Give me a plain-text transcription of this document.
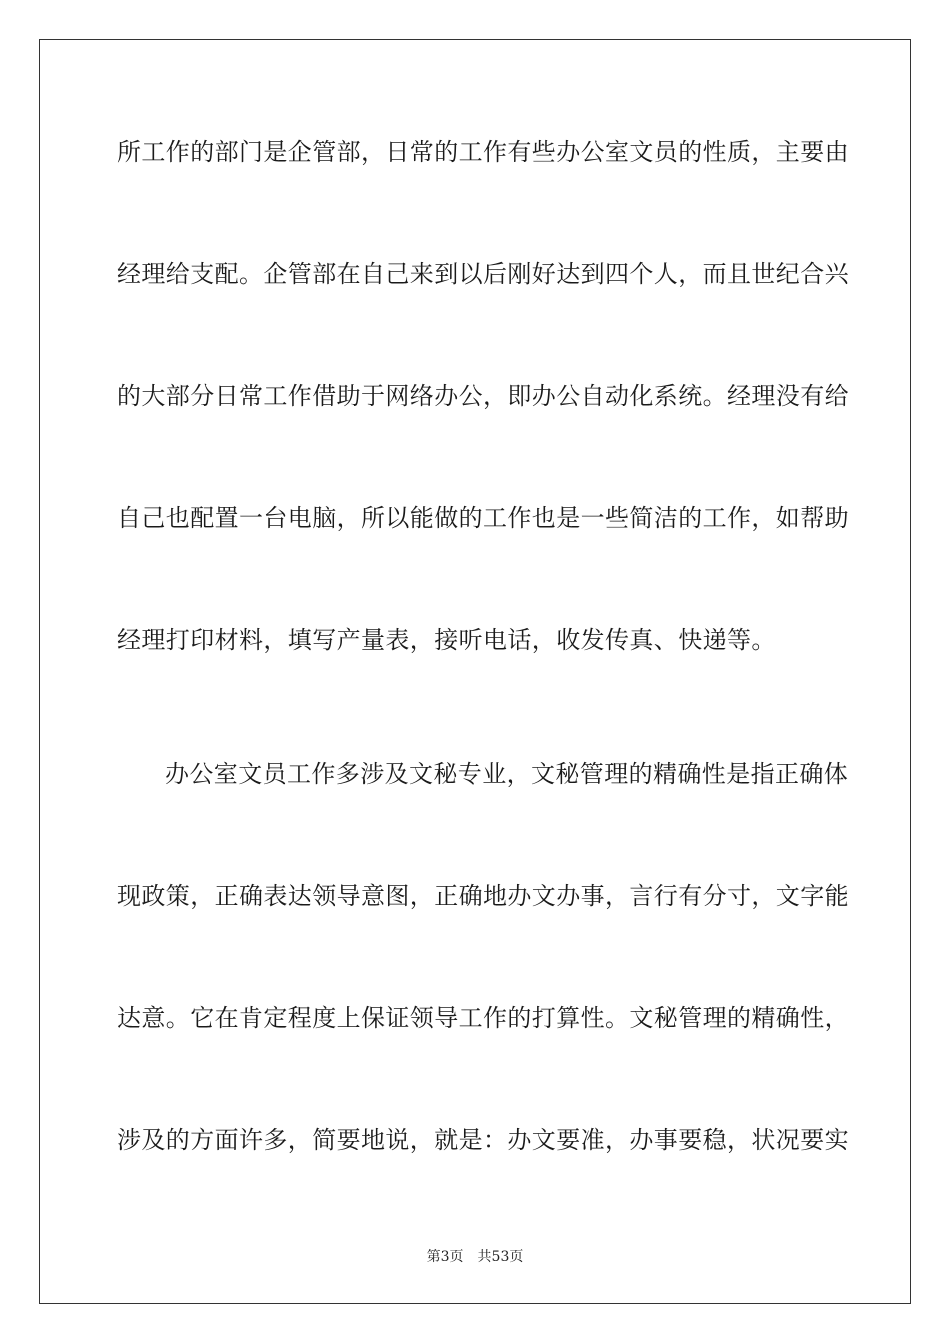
所工作的部门是企管部，日常的工作有些办公室文员的性质，主要由
经理给支配。企管部在自己来到以后刚好达到四个人，而且世纪合兴
的大部分日常工作借助于网络办公，即办公自动化系统。经理没有给
自己也配置一台电脑，所以能做的工作也是一些简洁的工作，如帮助
经理打印材料，填写产量表，接听电话，收发传真、快递等。
办公室文员工作多涉及文秘专业，文秘管理的精确性是指正确体
现政策，正确表达领导意图，正确地办文办事，言行有分寸，文字能
达意。它在肯定程度上保证领导工作的打算性。文秘管理的精确性，
涉及的方面许多，简要地说，就是：办文要准，办事要稳，状况要实
第3页 共53页
